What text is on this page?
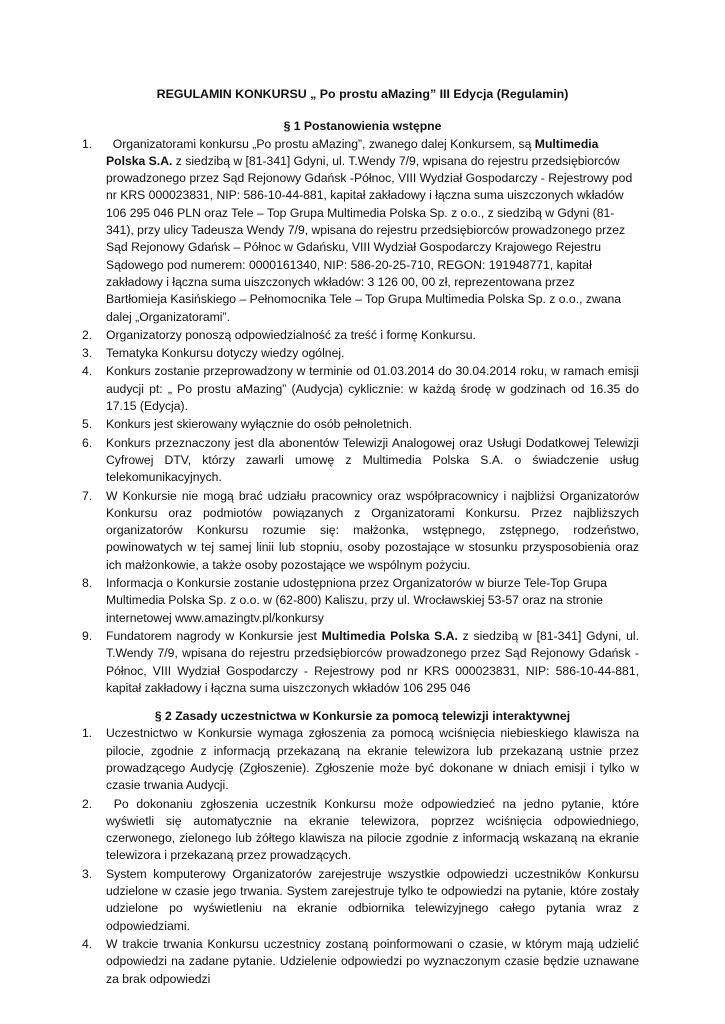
REGULAMIN KONKURSU „ Po prostu aMazing” III Edycja (Regulamin)
§ 1 Postanowienia wstępne
1. Organizatorami konkursu „Po prostu aMazing”, zwanego dalej Konkursem, są Multimedia Polska S.A. z siedzibą w [81-341] Gdyni, ul. T.Wendy 7/9, wpisana do rejestru przedsiębiorców prowadzonego przez Sąd Rejonowy Gdańsk -Północ, VIII Wydział Gospodarczy - Rejestrowy pod nr KRS 000023831, NIP: 586-10-44-881, kapitał zakładowy i łączna suma uiszczonych wkładów 106 295 046 PLN oraz Tele – Top Grupa Multimedia Polska Sp. z o.o., z siedzibą w Gdyni (81-341), przy ulicy Tadeusza Wendy 7/9, wpisana do rejestru przedsiębiorców prowadzonego przez Sąd Rejonowy Gdańsk – Północ w Gdańsku, VIII Wydział Gospodarczy Krajowego Rejestru Sądowego pod numerem: 0000161340, NIP: 586-20-25-710, REGON: 191948771, kapitał zakładowy i łączna suma uiszczonych wkładów: 3 126 00, 00 zł, reprezentowana przez Bartłomieja Kasińskiego – Pełnomocnika Tele – Top Grupa Multimedia Polska Sp. z o.o., zwana dalej „Organizatorami”.
2. Organizatorzy ponoszą odpowiedzialność za treść i formę Konkursu.
3. Tematyka Konkursu dotyczy wiedzy ogólnej.
4. Konkurs zostanie przeprowadzony w terminie od 01.03.2014 do 30.04.2014 roku, w ramach emisji audycji pt: „ Po prostu aMazing” (Audycja) cyklicznie: w każdą środę w godzinach od 16.35 do 17.15 (Edycja).
5. Konkurs jest skierowany wyłącznie do osób pełnoletnich.
6. Konkurs przeznaczony jest dla abonentów Telewizji Analogowej oraz Usługi Dodatkowej Telewizji Cyfrowej DTV, którzy zawarli umowę z Multimedia Polska S.A. o świadczenie usług telekomunikacyjnych.
7. W Konkursie nie mogą brać udziału pracownicy oraz współpracownicy i najbliżsi Organizatorów Konkursu oraz podmiotów powiązanych z Organizatorami Konkursu. Przez najbliższych organizatorów Konkursu rozumie się: małżonka, wstępnego, zstępnego, rodzeństwo, powinowatych w tej samej linii lub stopniu, osoby pozostające w stosunku przysposobienia oraz ich małżonkowie, a także osoby pozostające we wspólnym pożyciu.
8. Informacja o Konkursie zostanie udostępniona przez Organizatorów w biurze Tele-Top Grupa Multimedia Polska Sp. z o.o. w (62-800) Kaliszu, przy ul. Wrocławskiej 53-57 oraz na stronie internetowej www.amazingtv.pl/konkursy
9. Fundatorem nagrody w Konkursie jest Multimedia Polska S.A. z siedzibą w [81-341] Gdyni, ul. T.Wendy 7/9, wpisana do rejestru przedsiębiorców prowadzonego przez Sąd Rejonowy Gdańsk -Północ, VIII Wydział Gospodarczy - Rejestrowy pod nr KRS 000023831, NIP: 586-10-44-881, kapitał zakładowy i łączna suma uiszczonych wkładów 106 295 046
§ 2 Zasady uczestnictwa w Konkursie za pomocą telewizji interaktywnej
1. Uczestnictwo w Konkursie wymaga zgłoszenia za pomocą wciśnięcia niebieskiego klawisza na pilocie, zgodnie z informacją przekazaną na ekranie telewizora lub przekazaną ustnie przez prowadzącego Audycję (Zgłoszenie). Zgłoszenie może być dokonane w dniach emisji i tylko w czasie trwania Audycji.
2. Po dokonaniu zgłoszenia uczestnik Konkursu może odpowiedzieć na jedno pytanie, które wyświetli się automatycznie na ekranie telewizora, poprzez wciśnięcia odpowiedniego, czerwonego, zielonego lub żółtego klawisza na pilocie zgodnie z informacją wskazaną na ekranie telewizora i przekazaną przez prowadzących.
3. System komputerowy Organizatorów zarejestruje wszystkie odpowiedzi uczestników Konkursu udzielone w czasie jego trwania. System zarejestruje tylko te odpowiedzi na pytanie, które zostały udzielone po wyświetleniu na ekranie odbiornika telewizyjnego całego pytania wraz z odpowiedziami.
4. W trakcie trwania Konkursu uczestnicy zostaną poinformowani o czasie, w którym mają udzielić odpowiedzi na zadane pytanie. Udzielenie odpowiedzi po wyznaczonym czasie będzie uznawane za brak odpowiedzi
